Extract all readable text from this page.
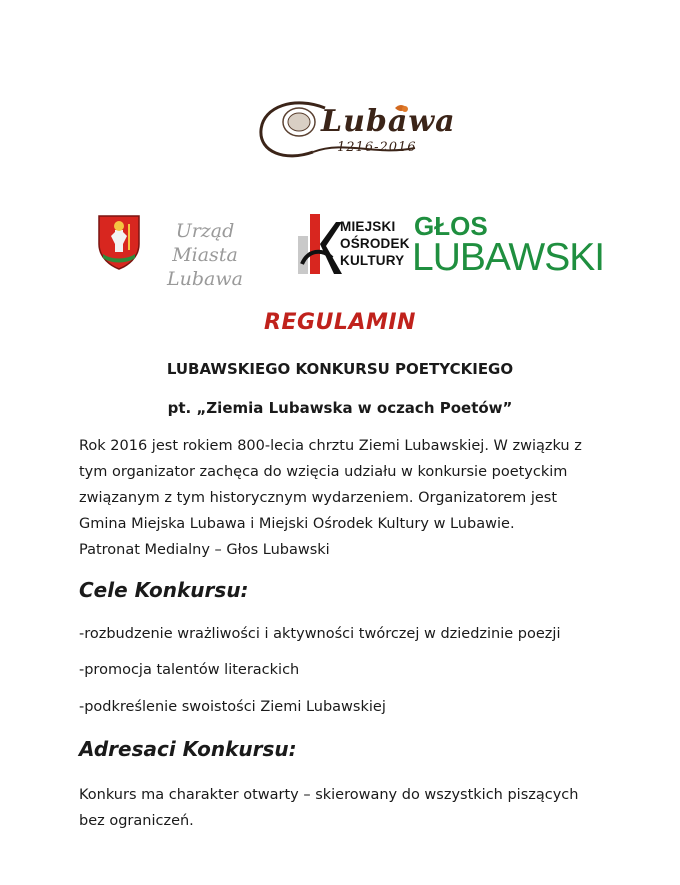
Lubawa
1216-2016
Urząd Miasta
Lubawa
MIEJSKI
OŚRODEK
KULTURY
GŁOS
LUBAWSKI
REGULAMIN
LUBAWSKIEGO KONKURSU POETYCKIEGO
pt. „Ziemia Lubawska w oczach Poetów”
Rok 2016 jest rokiem 800-lecia chrztu Ziemi Lubawskiej. W związku z
tym organizator zachęca do wzięcia udziału w konkursie poetyckim
związanym z tym historycznym wydarzeniem. Organizatorem jest
Gmina Miejska Lubawa i Miejski Ośrodek Kultury w Lubawie.
Patronat Medialny – Głos Lubawski
Cele Konkursu:
-rozbudzenie wrażliwości i aktywności twórczej w dziedzinie poezji
-promocja talentów literackich
-podkreślenie swoistości Ziemi Lubawskiej
Adresaci Konkursu:
Konkurs ma charakter otwarty – skierowany do wszystkich piszących
bez ograniczeń.
